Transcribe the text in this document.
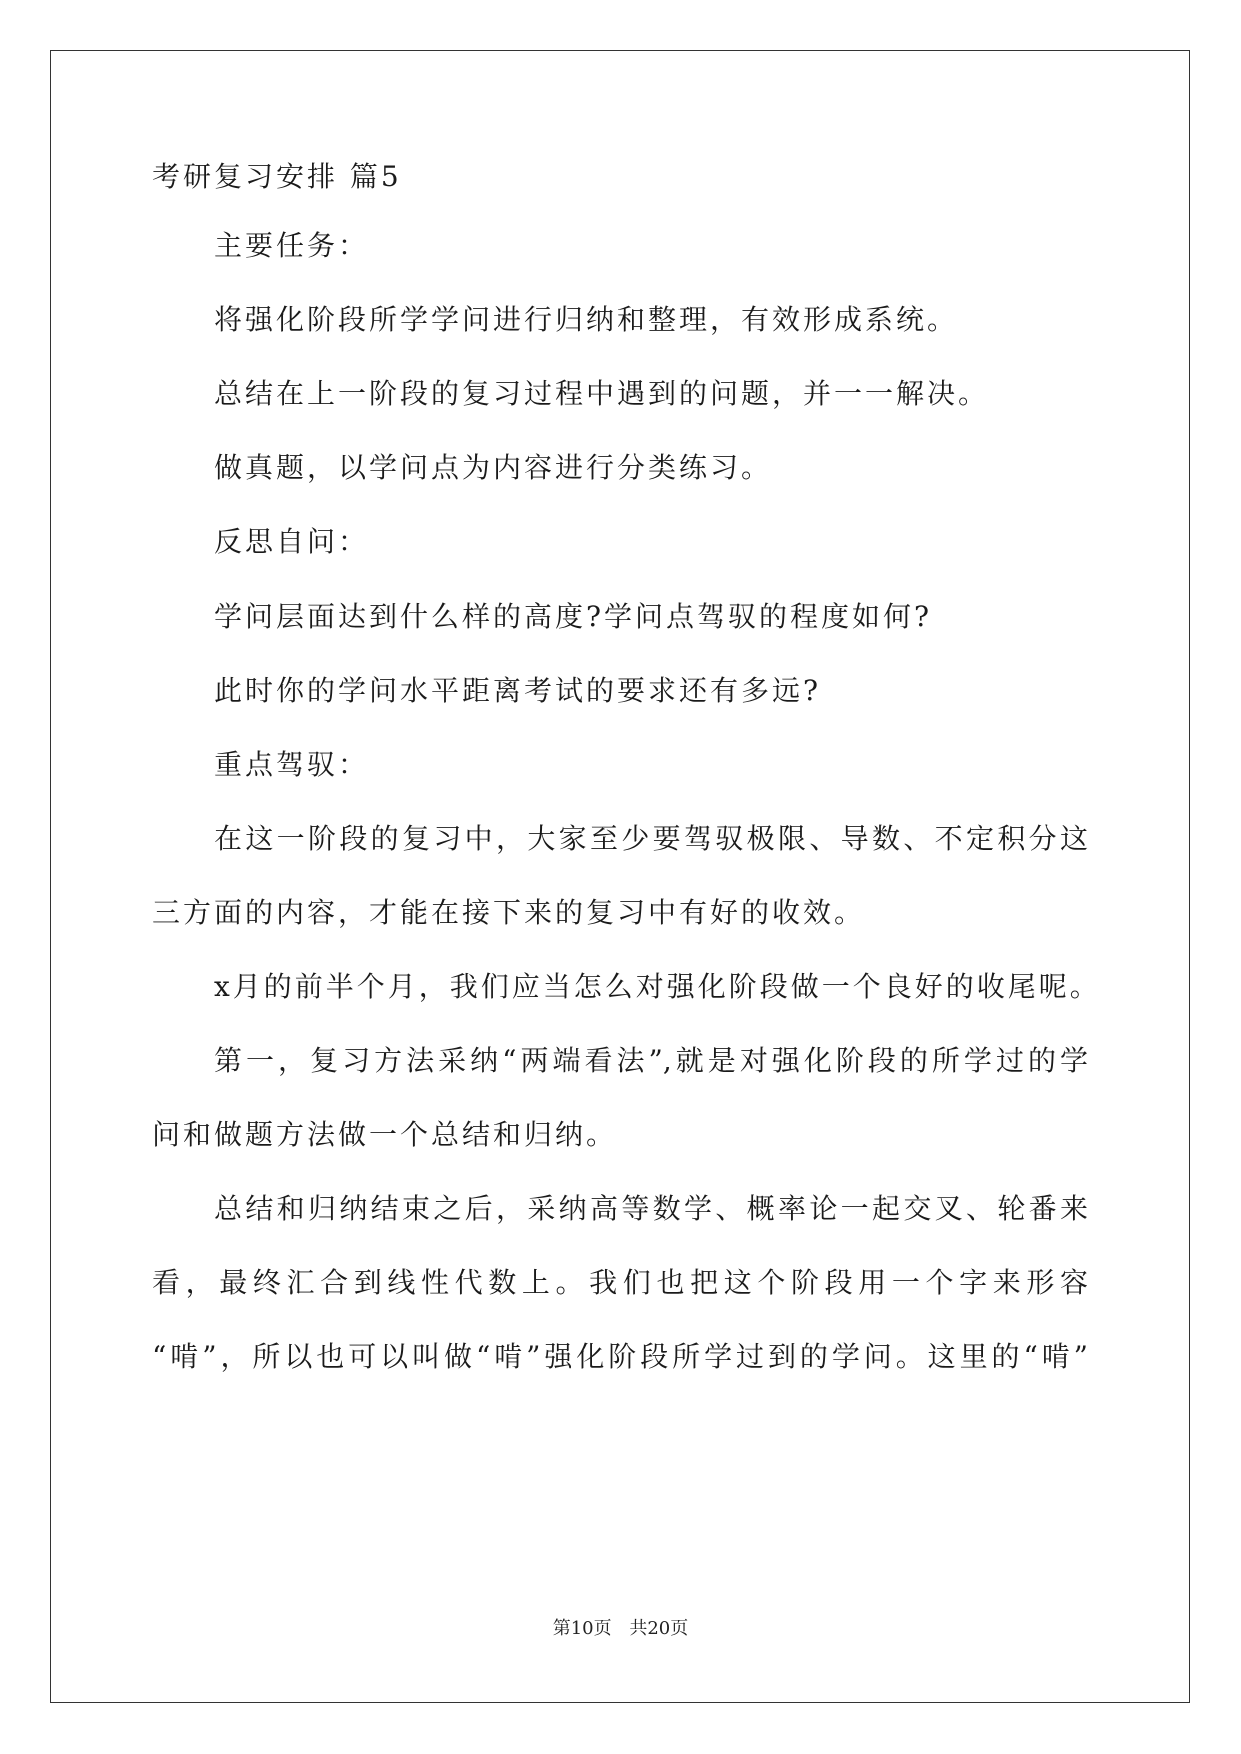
考研复习安排 篇5
主要任务：
将强化阶段所学学问进行归纳和整理，有效形成系统。
总结在上一阶段的复习过程中遇到的问题，并一一解决。
做真题，以学问点为内容进行分类练习。
反思自问：
学问层面达到什么样的高度?学问点驾驭的程度如何?
此时你的学问水平距离考试的要求还有多远?
重点驾驭：
在这一阶段的复习中，大家至少要驾驭极限、导数、不定积分这
三方面的内容，才能在接下来的复习中有好的收效。
x月的前半个月，我们应当怎么对强化阶段做一个良好的收尾呢。
第一，复习方法采纳“两端看法”,就是对强化阶段的所学过的学
问和做题方法做一个总结和归纳。
总结和归纳结束之后，采纳高等数学、概率论一起交叉、轮番来
看，最终汇合到线性代数上。我们也把这个阶段用一个字来形容
“啃”，所以也可以叫做“啃”强化阶段所学过到的学问。这里的“啃”
第10页 共20页
